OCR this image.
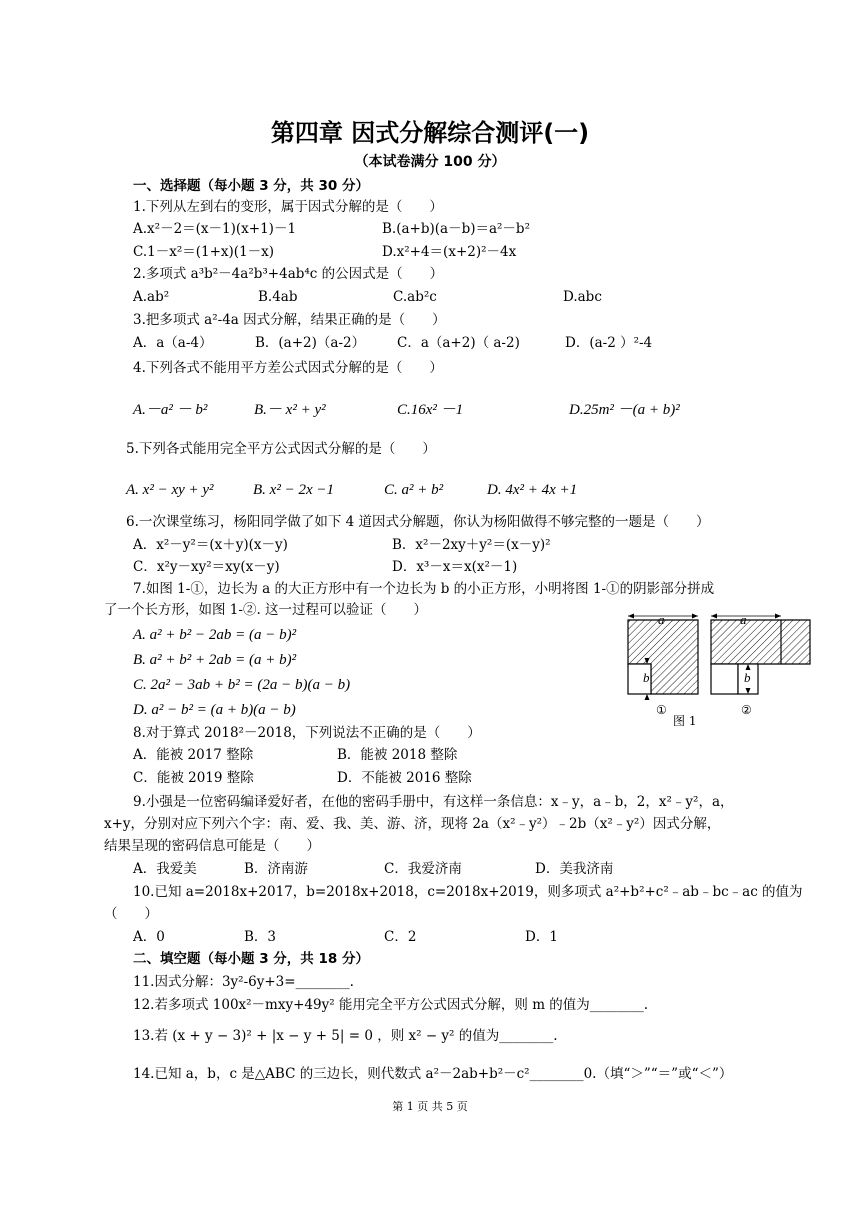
第四章 因式分解综合测评(一)
（本试卷满分 100 分）
一、选择题（每小题 3 分，共 30 分）
1.下列从左到右的变形，属于因式分解的是（　　）
A.x²－2＝(x－1)(x+1)－1	B.(a+b)(a－b)＝a²－b²
C.1－x²＝(1+x)(1－x)	D.x²+4＝(x+2)²－4x
2.多项式 a³b²－4a²b³+4ab⁴c 的公因式是（　　）
A.ab²	B.4ab	C.ab²c	D.abc
3.把多项式 a²-4a 因式分解，结果正确的是（　　）
A．a（a-4）	B．(a+2)（a-2） C．a（a+2)（ a-2)	D．(a-2 ）²-4
4.下列各式不能用平方差公式因式分解的是（　　）
A.－a² － b²	B.－ x² + y²	C.16x² －1	D.25m² －(a + b)²
5.下列各式能用完全平方公式因式分解的是（　　）
A. x² − xy + y²	B. x² − 2x −1	C. a² + b²	D. 4x² + 4x +1
6.一次课堂练习，杨阳同学做了如下 4 道因式分解题，你认为杨阳做得不够完整的一题是（　　）
A．x²－y²＝(x＋y)(x－y)	B．x²－2xy＋y²＝(x－y)²
C．x²y－xy²＝xy(x－y)	D．x³－x＝x(x²－1)
7.如图 1-①，边长为 a 的大正方形中有一个边长为 b 的小正方形，小明将图 1-①的阴影部分拼成
了一个长方形，如图 1-②. 这一过程可以验证（　　）
A. a² + b² − 2ab = (a − b)²
B. a² + b² + 2ab = (a + b)²
C. 2a² − 3ab + b² = (2a − b)(a − b)
D. a² − b² = (a + b)(a − b)
a	a
b	b
①	②
图 1
8.对于算式 2018²－2018，下列说法不正确的是（　　）
A．能被 2017 整除	B．能被 2018 整除
C．能被 2019 整除	D．不能被 2016 整除
9.小强是一位密码编译爱好者，在他的密码手册中，有这样一条信息：x﹣y，a﹣b，2，x²﹣y²，a，
x+y，分别对应下列六个字：南、爱、我、美、游、济，现将 2a（x²﹣y²）﹣2b（x²﹣y²）因式分解，
结果呈现的密码信息可能是（　　）
A．我爱美	B．济南游	C．我爱济南	D．美我济南
10.已知 a=2018x+2017，b=2018x+2018，c=2018x+2019，则多项式 a²+b²+c²﹣ab﹣bc﹣ac 的值为
（　　）
A．0	B．3	C．2	D．1
二、填空题（每小题 3 分，共 18 分）
11.因式分解：3y²-6y+3=________.
12.若多项式 100x²－mxy+49y² 能用完全平方公式因式分解，则 m 的值为________.
13.若 (x + y − 3)² + |x − y + 5| = 0 ，则 x² − y² 的值为________.
14.已知 a，b，c 是△ABC 的三边长，则代数式 a²－2ab+b²－c²________0.（填“＞”“＝”或“＜”）
第 1 页 共 5 页
